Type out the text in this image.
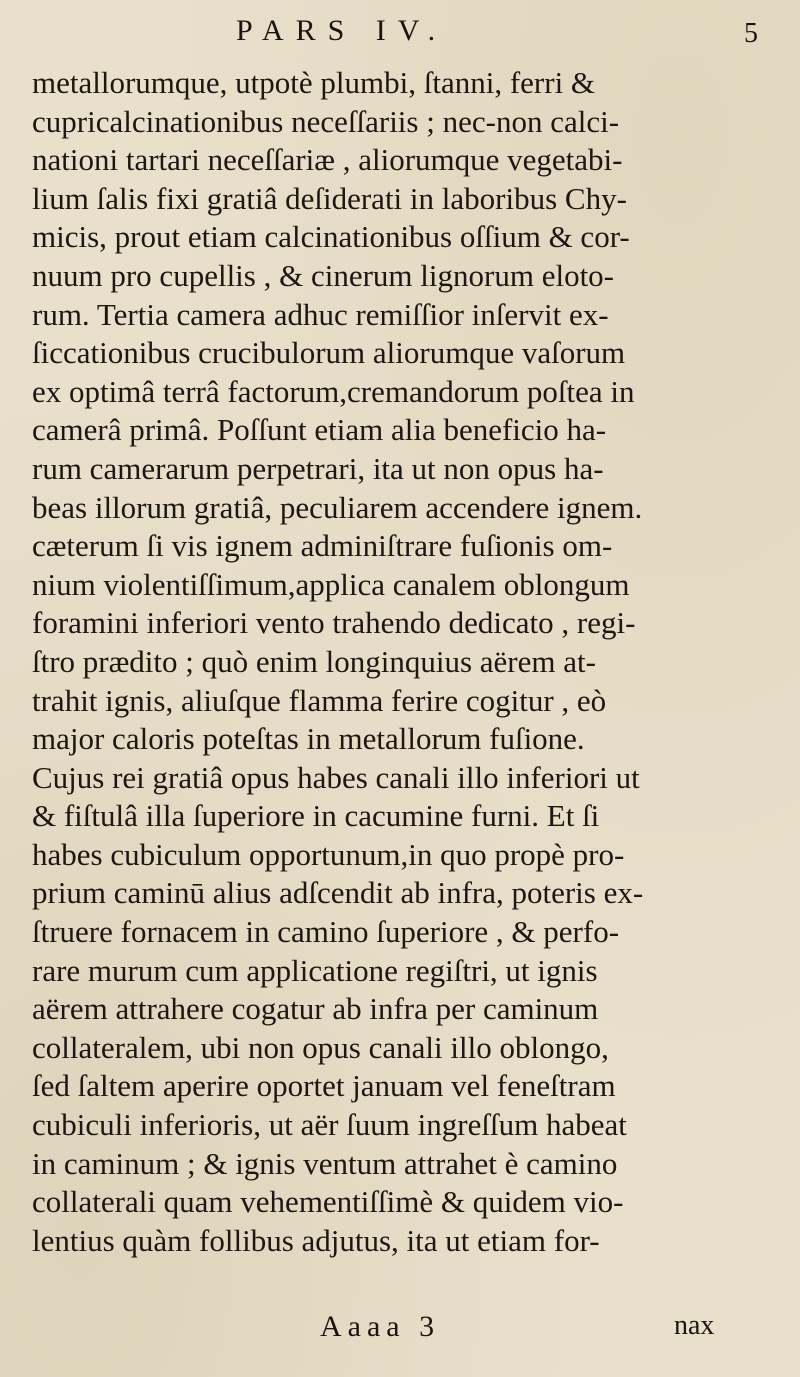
PARS IV.	5
metallorumque, utpotè plumbi, ſtanni, ferri &
cupricalcinationibus neceſſariis ; nec-non calci-
nationi tartari neceſſariæ , aliorumque vegetabi-
lium ſalis fixi gratiâ deſiderati in laboribus Chy-
micis, prout etiam calcinationibus oſſium & cor-
nuum pro cupellis , & cinerum lignorum eloto-
rum. Tertia camera adhuc remiſſior inſervit ex-
ſiccationibus crucibulorum aliorumque vaſorum
ex optimâ terrâ factorum,cremandorum poſtea in
camerâ primâ. Poſſunt etiam alia beneficio ha-
rum camerarum perpetrari, ita ut non opus ha-
beas illorum gratiâ, peculiarem accendere ignem.
cæterum ſi vis ignem adminiſtrare fuſionis om-
nium violentiſſimum,applica canalem oblongum
foramini inferiori vento trahendo dedicato , regi-
ſtro prædito ; quò enim longinquius aërem at-
trahit ignis, aliuſque flamma ferire cogitur , eò
major caloris poteſtas in metallorum fuſione.
Cujus rei gratiâ opus habes canali illo inferiori ut
& fiſtulâ illa ſuperiore in cacumine furni. Et ſi
habes cubiculum opportunum,in quo propè pro-
prium caminū alius adſcendit ab infra, poteris ex-
ſtruere fornacem in camino ſuperiore , & perfo-
rare murum cum applicatione regiſtri, ut ignis
aërem attrahere cogatur ab infra per caminum
collateralem, ubi non opus canali illo oblongo,
ſed ſaltem aperire oportet januam vel feneſtram
cubiculi inferioris, ut aër ſuum ingreſſum habeat
in caminum ; & ignis ventum attrahet è camino
collaterali quam vehementiſſimè & quidem vio-
lentius quàm follibus adjutus, ita ut etiam for-
Aaaa 3	nax
